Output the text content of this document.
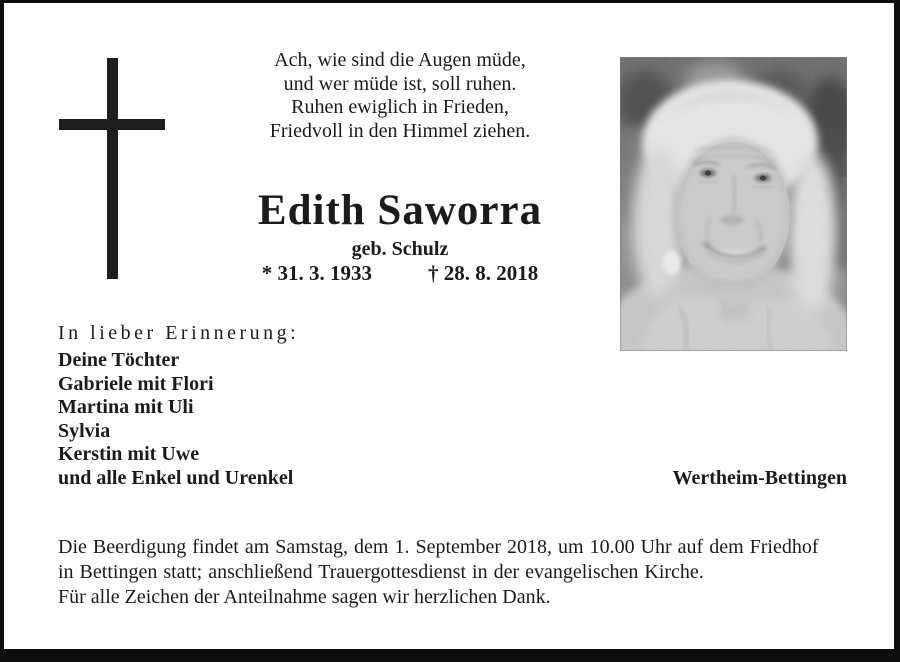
Ach, wie sind die Augen müde,
und wer müde ist, soll ruhen.
Ruhen ewiglich in Frieden,
Friedvoll in den Himmel ziehen.
Edith Saworra
geb. Schulz
* 31. 3. 1933	† 28. 8. 2018
In lieber Erinnerung:
Deine Töchter
Gabriele mit Flori
Martina mit Uli
Sylvia
Kerstin mit Uwe
und alle Enkel und Urenkel	Wertheim-Bettingen
Die Beerdigung findet am Samstag, dem 1. September 2018, um 10.00 Uhr auf dem Friedhof
in Bettingen statt; anschließend Trauergottesdienst in der evangelischen Kirche.
Für alle Zeichen der Anteilnahme sagen wir herzlichen Dank.
